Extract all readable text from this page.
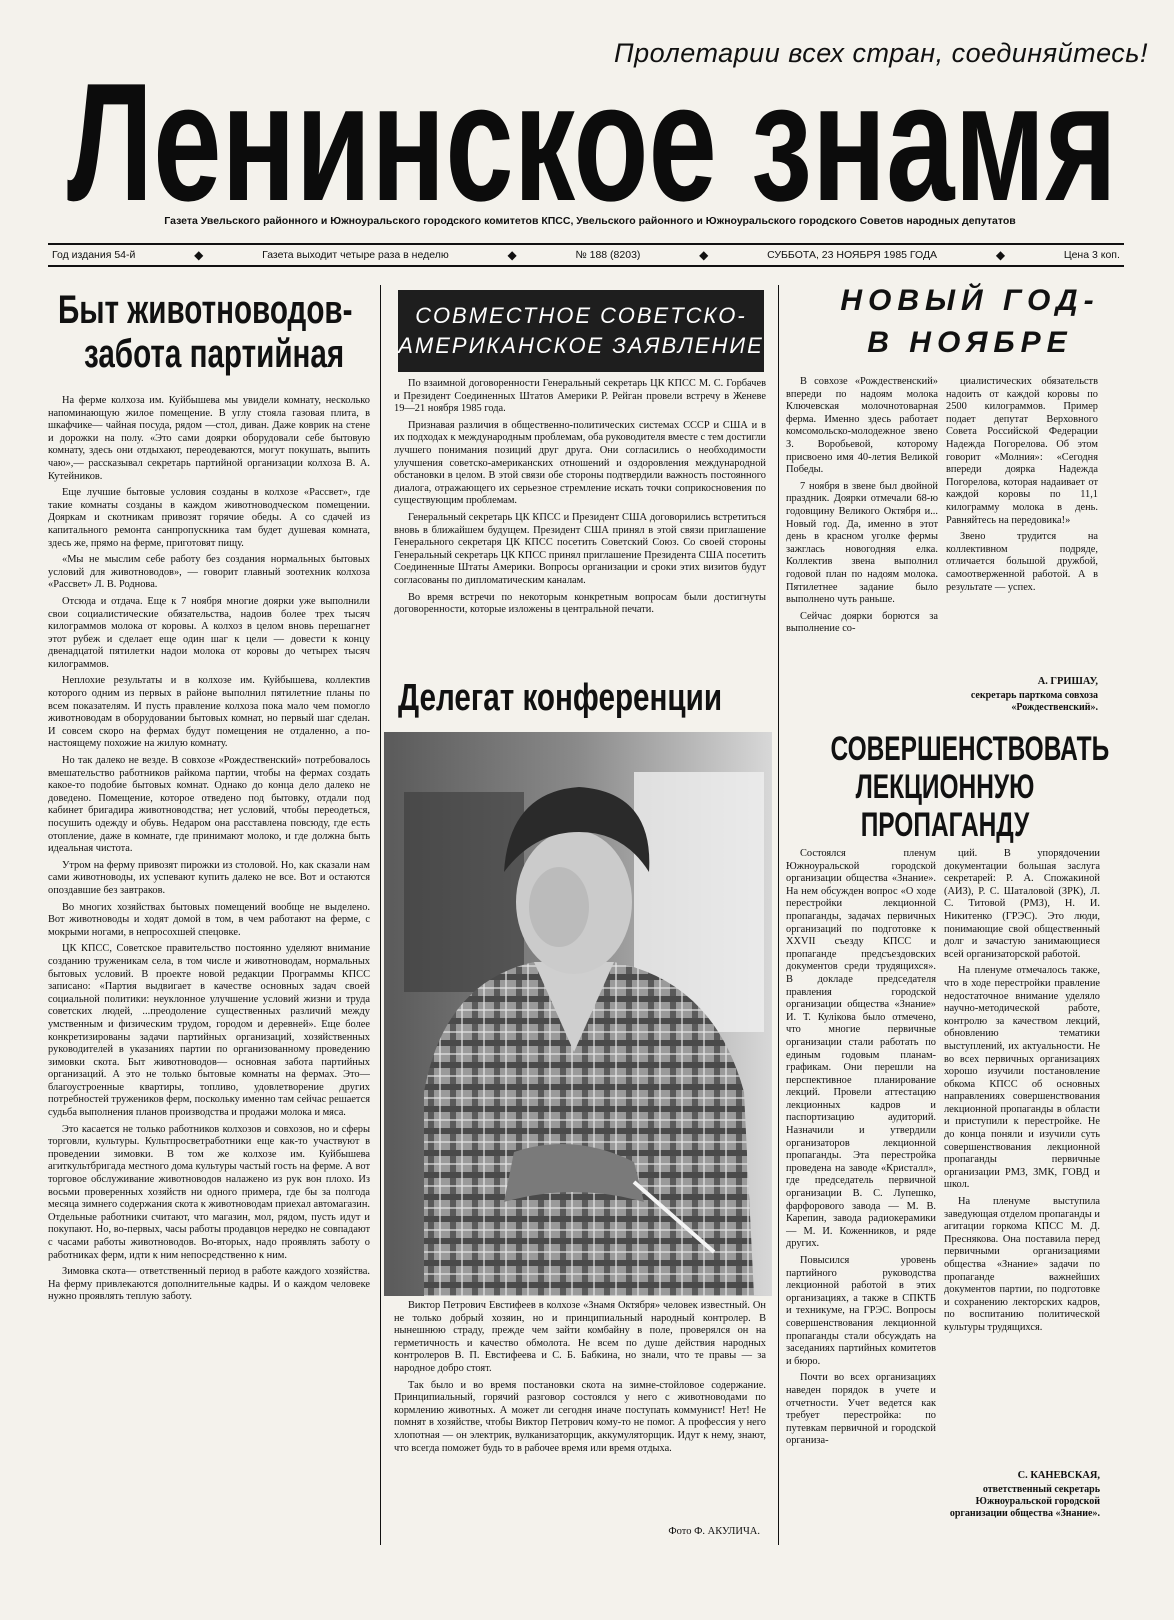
Пролетарии всех стран, соединяйтесь!
Ленинское знамя
Газета Увельского районного и Южноуральского городского комитетов КПСС, Увельского районного и Южноуральского городского Советов народных депутатов
Год издания 54-й	◆	Газета выходит четыре раза в неделю	◆	№ 188 (8203)	◆	СУББОТА, 23 НОЯБРЯ 1985 ГОДА	◆	Цена 3 коп.
Быт животноводов-
забота партийная

На ферме колхоза им. Куйбышева мы увидели комнату, несколько напоминающую жилое помещение. В углу стояла газовая плита, в шкафчике— чайная посуда, рядом —стол, диван. Даже коврик на стене и дорожки на полу. «Это сами доярки оборудовали себе бытовую комнату, здесь они отдыхают, переодеваются, могут покушать, выпить чаю»,— рассказывал секретарь партийной организации колхоза В. А. Кутейников.

Еще лучшие бытовые условия созданы в колхозе «Рассвет», где такие комнаты созданы в каждом животноводческом помещении. Дояркам и скотникам привозят горячие обеды. А со сдачей из капитального ремонта санпропускника там будет душевая комната, здесь же, прямо на ферме, приготовят пищу.

«Мы не мыслим себе работу без создания нормальных бытовых условий для животноводов», — говорит главный зоотехник колхоза «Рассвет» Л. В. Роднова.

Отсюда и отдача. Еще к 7 ноября многие доярки уже выполнили свои социалистические обязательства, надоив более трех тысяч килограммов молока от коровы. А колхоз в целом вновь перешагнет этот рубеж и сделает еще один шаг к цели — довести к концу двенадцатой пятилетки надои молока от коровы до четырех тысяч килограммов.

Неплохие результаты и в колхозе им. Куйбышева, коллектив которого одним из первых в районе выполнил пятилетние планы по всем показателям. И пусть правление колхоза пока мало чем помогло животноводам в оборудовании бытовых комнат, но первый шаг сделан. И совсем скоро на фермах будут помещения не отдаленно, а по-настоящему похожие на жилую комнату.

Но так далеко не везде. В совхозе «Рождественский» потребовалось вмешательство работников райкома партии, чтобы на фермах создать какое-то подобие бытовых комнат. Однако до конца дело далеко не доведено. Помещение, которое отведено под бытовку, отдали под кабинет бригадира животноводства; нет условий, чтобы переодеться, посушить одежду и обувь. Недаром она расставлена повсюду, где есть отопление, даже в комнате, где принимают молоко, и где должна быть идеальная чистота.

Утром на ферму привозят пирожки из столовой. Но, как сказали нам сами животноводы, их успевают купить далеко не все. Вот и остаются опоздавшие без завтраков.

Во многих хозяйствах бытовых помещений вообще не выделено. Вот животноводы и ходят домой в том, в чем работают на ферме, с мокрыми ногами, в непросохшей спецовке.

ЦК КПСС, Советское правительство постоянно уделяют внимание созданию труженикам села, в том числе и животноводам, нормальных бытовых условий. В проекте новой редакции Программы КПСС записано: «Партия выдвигает в качестве основных задач своей социальной политики: неуклонное улучшение условий жизни и труда советских людей, ...преодоление существенных различий между умственным и физическим трудом, городом и деревней». Еще более конкретизированы задачи партийных организаций, хозяйственных руководителей в указаниях партии по организованному проведению зимовки скота. Быт животноводов— основная забота партийных организаций. А это не только бытовые комнаты на фермах. Это— благоустроенные квартиры, топливо, удовлетворение других потребностей тружеников ферм, поскольку именно там сейчас решается судьба выполнения планов производства и продажи молока и мяса.

Это касается не только работников колхозов и совхозов, но и сферы торговли, культуры. Культпросветработники еще как-то участвуют в проведении зимовки. В том же колхозе им. Куйбышева агиткультбригада местного дома культуры частый гость на ферме. А вот торговое обслуживание животноводов налажено из рук вон плохо. Из восьми проверенных хозяйств ни одного примера, где бы за полгода месяца зимнего содержания скота к животноводам приехал автомагазин. Отдельные работники считают, что магазин, мол, рядом, пусть идут и покупают. Но, во-первых, часы работы продавцов нередко не совпадают с часами работы животноводов. Во-вторых, надо проявлять заботу о работниках ферм, идти к ним непосредственно к ним.

Зимовка скота— ответственный период в работе каждого хозяйства. На ферму привлекаются дополнительные кадры. И о каждом человеке нужно проявлять теплую заботу.

СОВМЕСТНОЕ СОВЕТСКО-
АМЕРИКАНСКОЕ ЗАЯВЛЕНИЕ

По взаимной договоренности Генеральный секретарь ЦК КПСС М. С. Горбачев и Президент Соединенных Штатов Америки Р. Рейган провели встречу в Женеве 19—21 ноября 1985 года.

Признавая различия в общественно-политических системах СССР и США и в их подходах к международным проблемам, оба руководителя вместе с тем достигли лучшего понимания позиций друг друга. Они согласились о необходимости улучшения советско-американских отношений и оздоровления международной обстановки в целом. В этой связи обе стороны подтвердили важность постоянного диалога, отражающего их серьезное стремление искать точки соприкосновения по существующим проблемам.

Генеральный секретарь ЦК КПСС и Президент США договорились встретиться вновь в ближайшем будущем. Президент США принял в этой связи приглашение Генерального секретаря ЦК КПСС посетить Советский Союз. Со своей стороны Генеральный секретарь ЦК КПСС принял приглашение Президента США посетить Соединенные Штаты Америки. Вопросы организации и сроки этих визитов будут согласованы по дипломатическим каналам.

Во время встречи по некоторым конкретным вопросам были достигнуты договоренности, которые изложены в центральной печати.

Делегат конференции

Виктор Петрович Евстифеев в колхозе «Знамя Октября» человек известный. Он не только добрый хозяин, но и принципиальный народный контролер. В нынешнюю страду, прежде чем зайти комбайну в поле, проверялся он на герметичность и качество обмолота. Не всем по душе действия народных контролеров В. П. Евстифеева и С. Б. Бабкина, но знали, что те правы — за народное добро стоят.

Так было и во время постановки скота на зимне-стойловое содержание. Принципиальный, горячий разговор состоялся у него с животноводами по кормлению животных. А может ли сегодня иначе поступать коммунист! Нет! Не помнят в хозяйстве, чтобы Виктор Петрович кому-то не помог. А профессия у него хлопотная — он электрик, вулканизаторщик, аккумуляторщик. Идут к нему, знают, что всегда поможет будь то в рабочее время или время отдыха.

Фото Ф. АКУЛИЧА.
НОВЫЙ ГОД-
В НОЯБРЕ

В совхозе «Рождественский» впереди по надоям молока Ключевская молочнотоварная ферма. Именно здесь работает комсомольско-молодежное звено З. Воробьевой, которому присвоено имя 40-летия Великой Победы.

7 ноября в звене был двойной праздник. Доярки отмечали 68-ю годовщину Великого Октября и... Новый год. Да, именно в этот день в красном уголке фермы зажглась новогодняя елка. Коллектив звена выполнил годовой план по надоям молока. Пятилетнее задание было выполнено чуть раньше.

Сейчас доярки борются за выполнение со-

циалистических обязательств надоить от каждой коровы по 2500 килограммов. Пример подает депутат Верховного Совета Российской Федерации Надежда Погорелова. Об этом говорит «Молния»: «Сегодня впереди доярка Надежда Погорелова, которая надаивает от каждой коровы по 11,1 килограмму молока в день. Равняйтесь на передовика!»

Звено трудится на коллективном подряде, отличается большой дружбой, самоотверженной работой. А в результате — успех.

А. ГРИШАУ,
секретарь парткома совхоза «Рождественский».
СОВЕРШЕНСТВОВАТЬ
ЛЕКЦИОННУЮ
ПРОПАГАНДУ

Состоялся пленум Южноуральской городской организации общества «Знание». На нем обсужден вопрос «О ходе перестройки лекционной пропаганды, задачах первичных организаций по подготовке к XXVII съезду КПСС и пропаганде предсъездовских документов среди трудящихся». В докладе председателя правления городской организации общества «Знание» И. Т. Кулікова было отмечено, что многие первичные организации стали работать по единым годовым планам-графикам. Они перешли на перспективное планирование лекций. Провели аттестацию лекционных кадров и паспортизацию аудиторий. Назначили и утвердили организаторов лекционной пропаганды. Эта перестройка проведена на заводе «Кристалл», где председатель первичной организации В. С. Лупешко, фарфорового завода — М. В. Карепин, завода радиокерамики— М. И. Коженников, и ряде других.

Повысился уровень партийного руководства лекционной работой в этих организациях, а также в СПКТБ и техникуме, на ГРЭС. Вопросы совершенствования лекционной пропаганды стали обсуждать на заседаниях партийных комитетов и бюро.

Почти во всех организациях наведен порядок в учете и отчетности. Учет ведется как требует перестройка: по путевкам первичной и городской организа-

ций. В упорядочении документации большая заслуга секретарей: Р. А. Спожакиной (АИЗ), Р. С. Шаталовой (ЗРК), Л. С. Титовой (РМЗ), Н. И. Никитенко (ГРЭС). Это люди, понимающие свой общественный долг и зачастую занимающиеся всей организаторской работой.

На пленуме отмечалось также, что в ходе перестройки правление недостаточное внимание уделяло научно-методической работе, контролю за качеством лекций, обновлению тематики выступлений, их актуальности. Не во всех первичных организациях хорошо изучили постановление обкома КПСС об основных направлениях совершенствования лекционной пропаганды в области и приступили к перестройке. Не до конца поняли и изучили суть совершенствования лекционной пропаганды первичные организации РМЗ, ЗМК, ГОВД и школ.

На пленуме выступила заведующая отделом пропаганды и агитации горкома КПСС М. Д. Преснякова. Она поставила перед первичными организациями общества «Знание» задачи по пропаганде важнейших документов партии, по подготовке и сохранению лекторских кадров, по воспитанию политической культуры трудящихся.

С. КАНЕВСКАЯ,
ответственный секретарь Южноуральской городской организации общества «Знание».
